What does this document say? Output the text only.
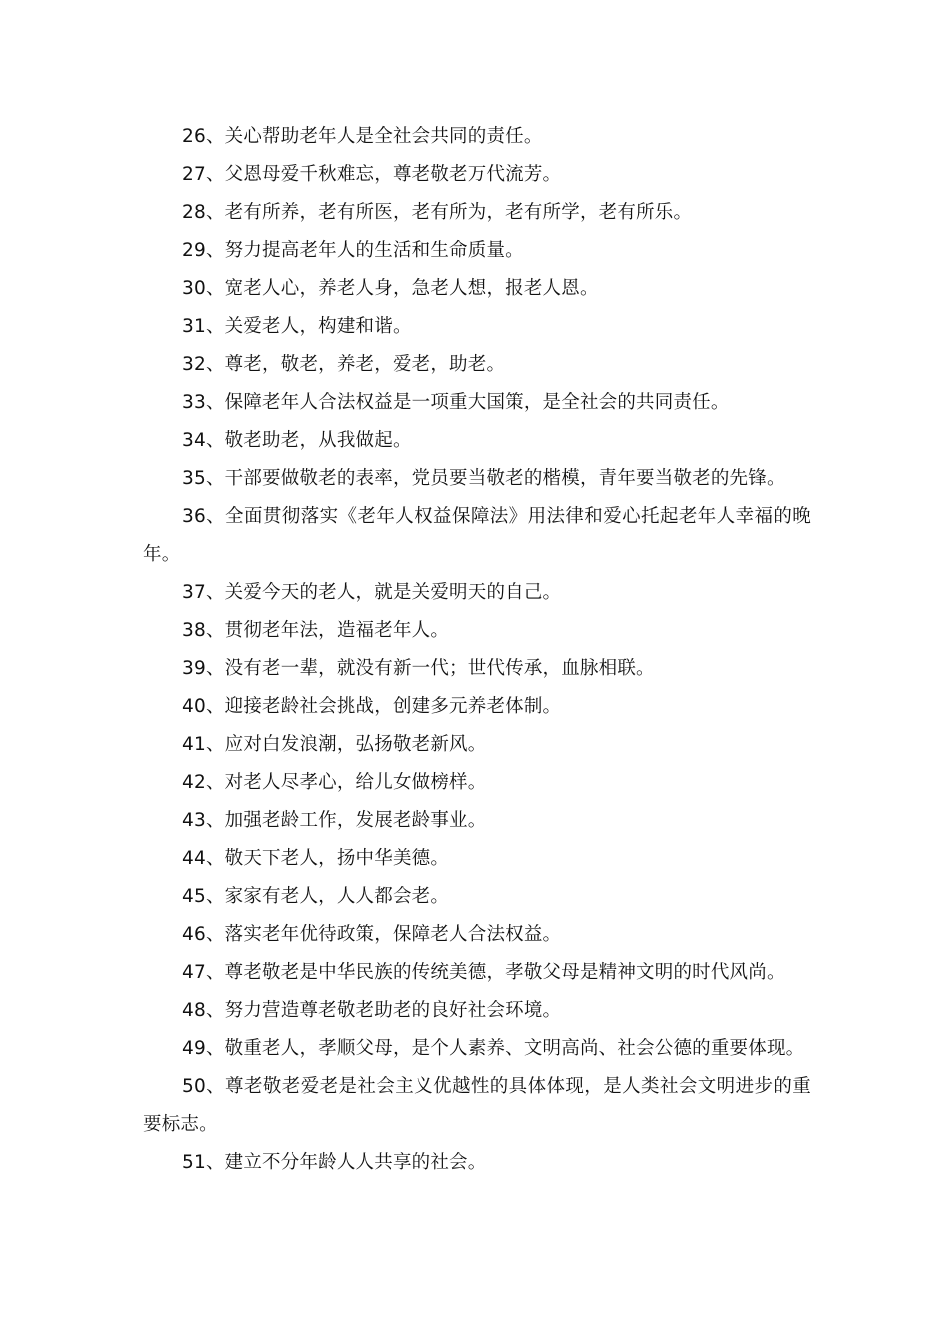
26、关心帮助老年人是全社会共同的责任。

27、父恩母爱千秋难忘，尊老敬老万代流芳。

28、老有所养，老有所医，老有所为，老有所学，老有所乐。

29、努力提高老年人的生活和生命质量。

30、宽老人心，养老人身，急老人想，报老人恩。

31、关爱老人，构建和谐。

32、尊老，敬老，养老，爱老，助老。

33、保障老年人合法权益是一项重大国策，是全社会的共同责任。

34、敬老助老，从我做起。

35、干部要做敬老的表率，党员要当敬老的楷模，青年要当敬老的先锋。

36、全面贯彻落实《老年人权益保障法》用法律和爱心托起老年人幸福的晚年。

37、关爱今天的老人，就是关爱明天的自己。

38、贯彻老年法，造福老年人。

39、没有老一辈，就没有新一代；世代传承，血脉相联。

40、迎接老龄社会挑战，创建多元养老体制。

41、应对白发浪潮，弘扬敬老新风。

42、对老人尽孝心，给儿女做榜样。

43、加强老龄工作，发展老龄事业。

44、敬天下老人，扬中华美德。

45、家家有老人，人人都会老。

46、落实老年优待政策，保障老人合法权益。

47、尊老敬老是中华民族的传统美德，孝敬父母是精神文明的时代风尚。

48、努力营造尊老敬老助老的良好社会环境。

49、敬重老人，孝顺父母，是个人素养、文明高尚、社会公德的重要体现。

50、尊老敬老爱老是社会主义优越性的具体体现，是人类社会文明进步的重要标志。

51、建立不分年龄人人共享的社会。
